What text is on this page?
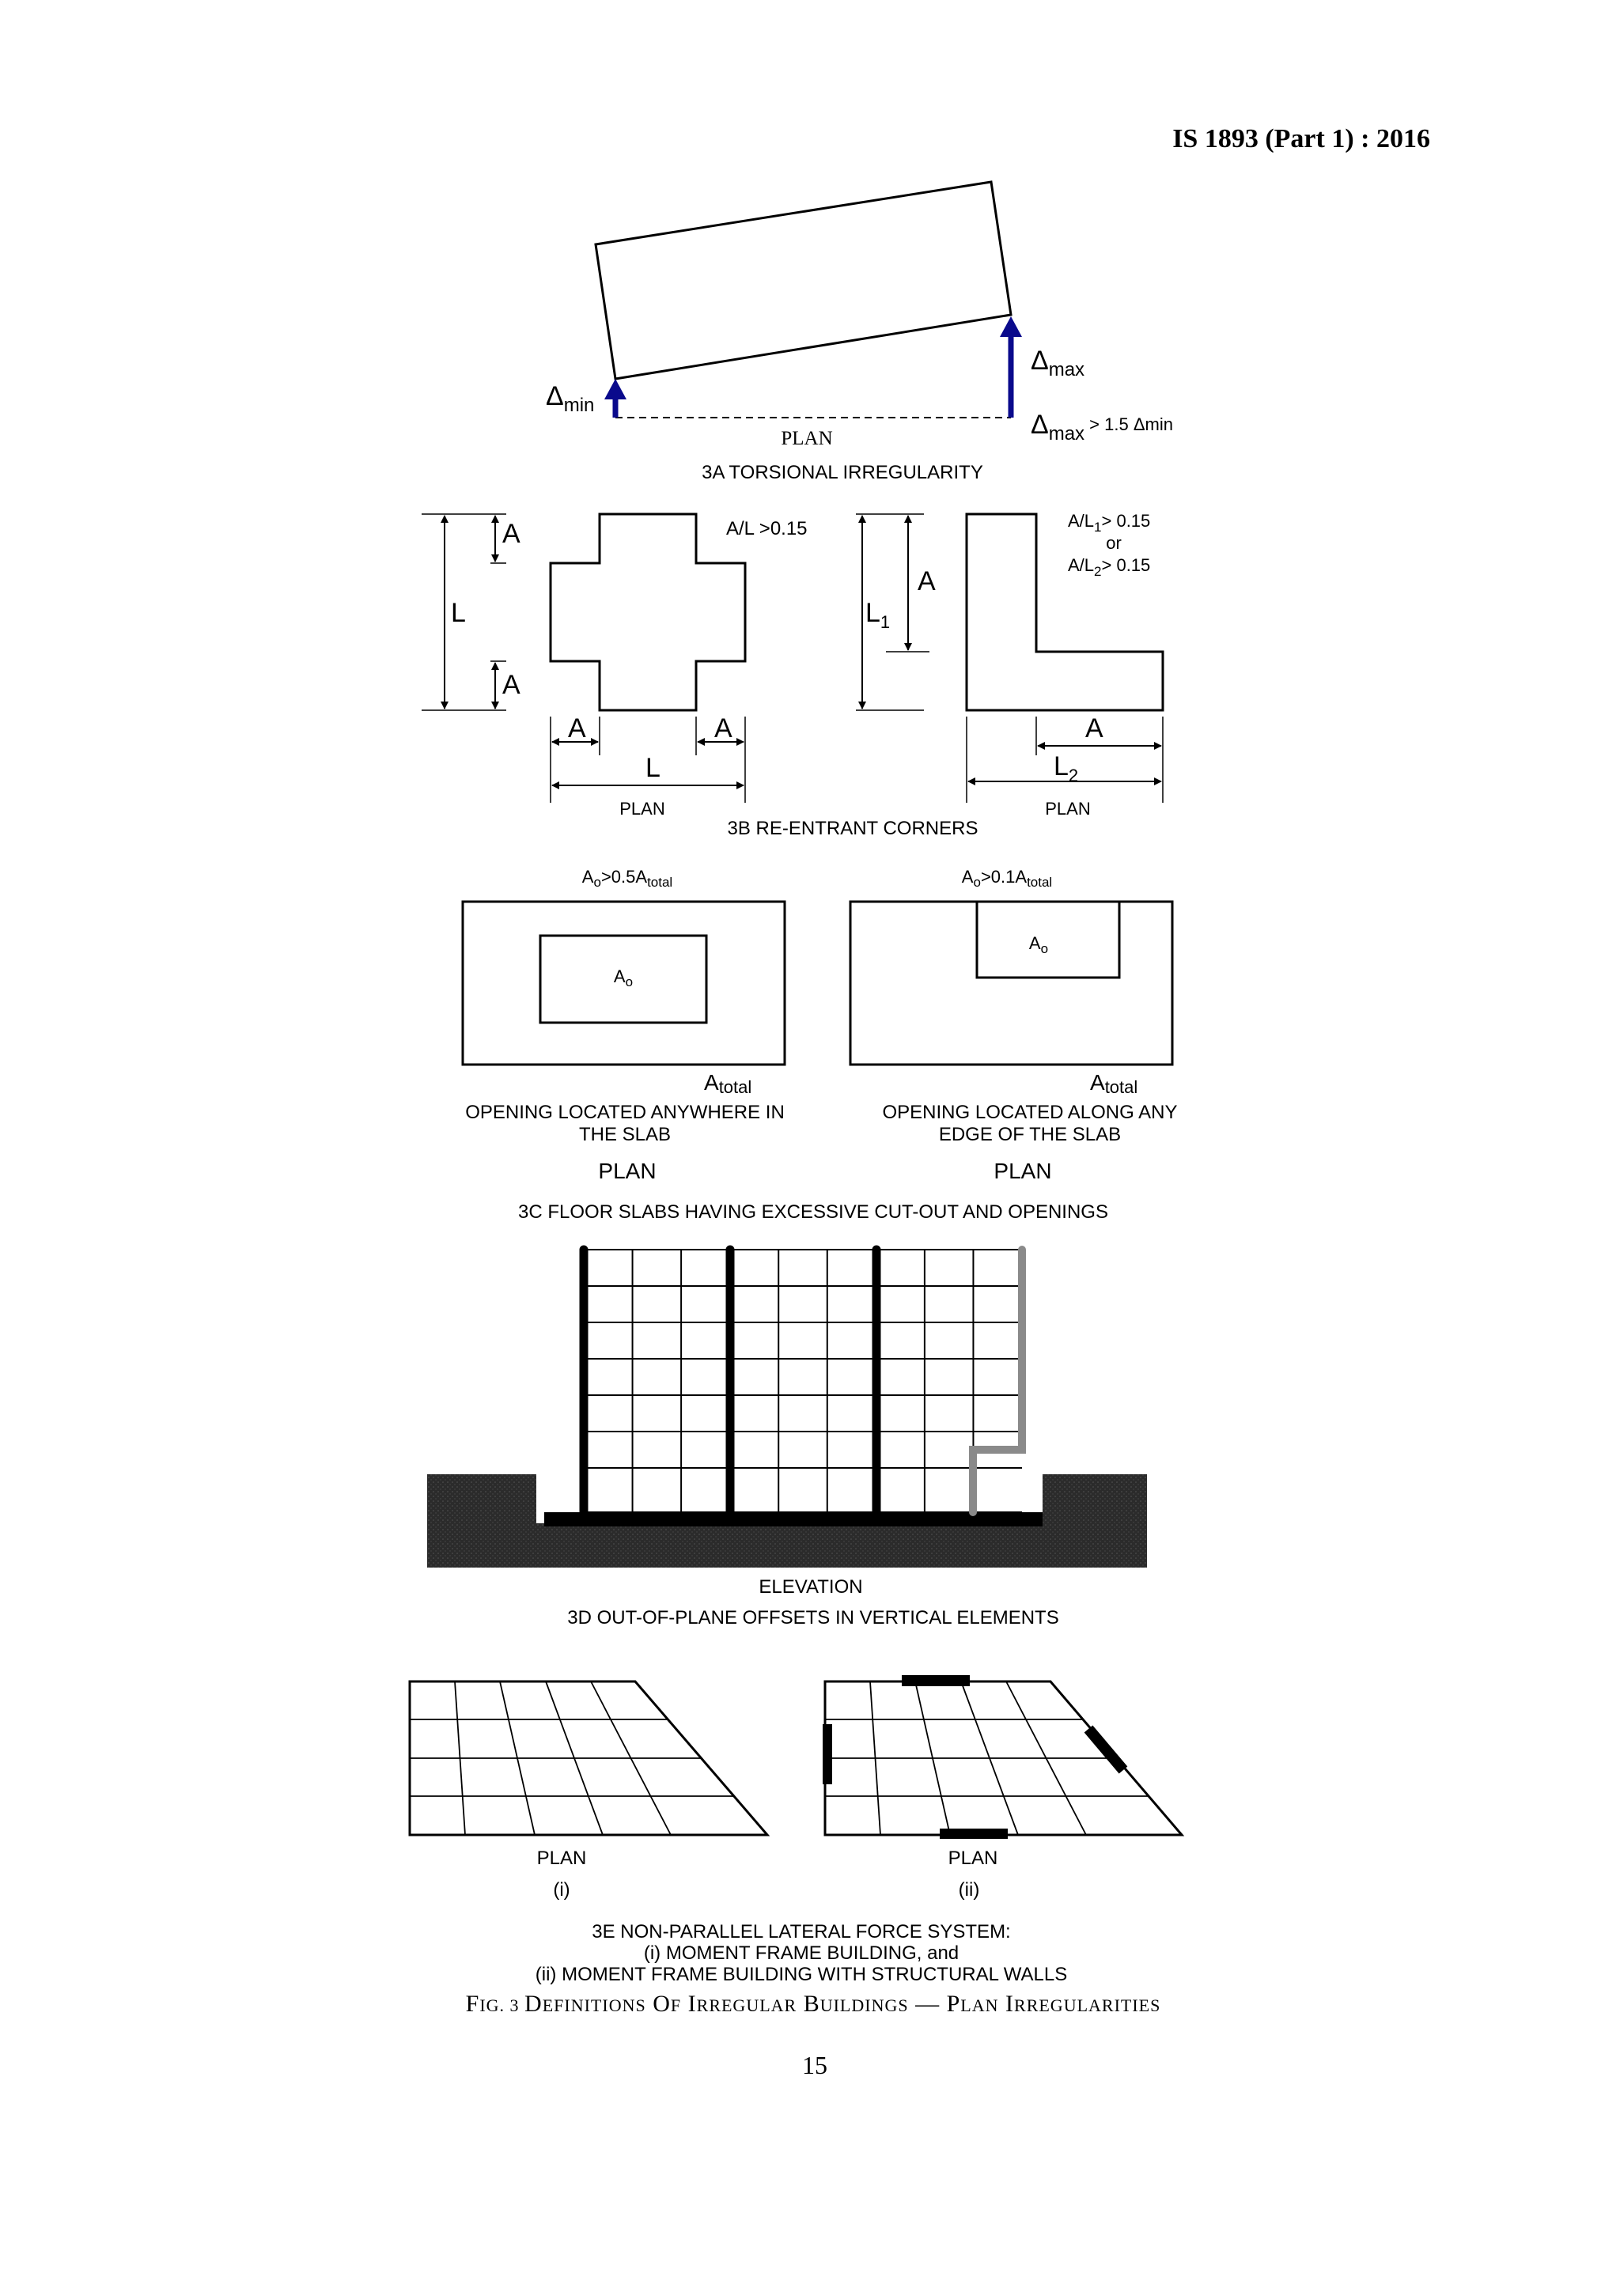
IS 1893 (Part 1) : 2016
$\Delta_{min}$
$\Delta_{max}$
$\Delta_{max}$ $^{> 1.5}$ Δmin
PLAN
3A TORSIONAL IRREGULARITY
A
L
A
A	A
L
A/L >0.15
$L_1$
A
A
$L_2$
$A/L_1> 0.15$
or
$A/L_2> 0.15$
PLAN	PLAN
3B RE-ENTRANT CORNERS
$A_o>0.5A_{total}$	$A_o>0.1A_{total}$
$A_o$
Atotal
$A_o$
Atotal
OPENING LOCATED ANYWHERE IN
THE SLAB
OPENING LOCATED ALONG ANY
EDGE OF THE SLAB
PLAN	PLAN
3C FLOOR SLABS HAVING EXCESSIVE CUT-OUT AND OPENINGS
ELEVATION
3D OUT-OF-PLANE OFFSETS IN VERTICAL ELEMENTS
PLAN	PLAN
(i)	(ii)
3E NON-PARALLEL LATERAL FORCE SYSTEM:
(i) MOMENT FRAME BUILDING, and
(ii) MOMENT FRAME BUILDING WITH STRUCTURAL WALLS
FIG. 3 DEFINITIONS OF IRREGULAR BUILDINGS — PLAN IRREGULARITIES
15
